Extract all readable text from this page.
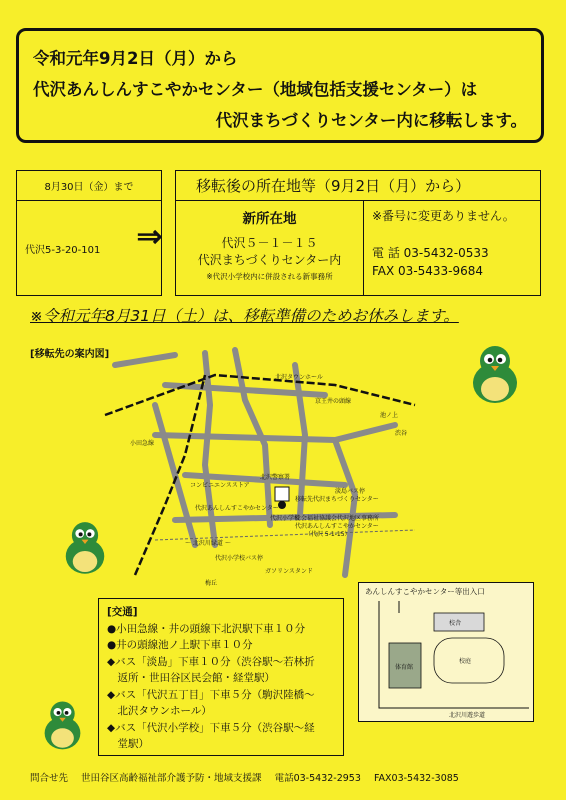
令和元年9月2日（月）から
代沢あんしんすこやかセンター（地域包括支援センター）は
代沢まちづくりセンター内に移転します。
8月30日（金）まで
代沢5-3-20-101	⇒
移転後の所在地等（9月2日（月）から）
新所在地
代沢５－１－１５
代沢まちづくりセンター内
※代沢小学校内に併設される新事務所
※番号に変更ありません。
電 話 03-5432-0533
FAX 03-5433-9684
※令和元年8月31日（土）は、移転準備のためお休みします。
[移転先の案内図]
北沢タウンホール
京王井の頭線
小田急線
池ノ上
渋谷
淡島バス停
コンビニエンスストア
北沢警察署
移転先代沢まちづくりセンター
社会福祉協議会代沢地区事務所
代沢あんしんすこやかセンター
（代沢 5-1-15）
代沢あんしんすこやかセンター
代沢小学校
～ 北沢川緑道 ～
代沢小学校バス停
ガソリンスタンド
梅丘
[交通]
●小田急線・井の頭線下北沢駅下車１０分
●井の頭線池ノ上駅下車１０分
◆バス「淡島」下車１０分（渋谷駅～若林折
　返所・世田谷区民会館・経堂駅）
◆バス「代沢五丁目」下車５分（駒沢陸橋～
　北沢タウンホール）
◆バス「代沢小学校」下車５分（渋谷駅～経
　堂駅）
あんしんすこやかセンター等出入口
体育館
校舎
校庭
北沢川遊歩道
問合せ先 世田谷区高齢福祉部介護予防・地域支援課 電話03-5432-2953 FAX03-5432-3085
